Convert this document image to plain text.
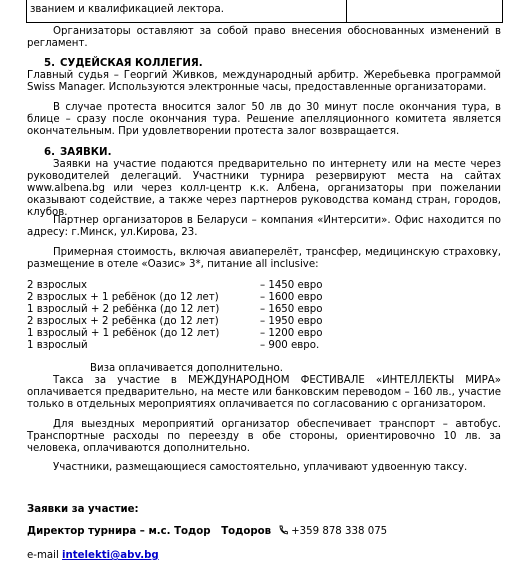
званием и квалификацией лектора.
Организаторы оставляют за собой право внесения обоснованных изменений в регламент.
5. СУДЕЙСКАЯ КОЛЛЕГИЯ.
Главный судья – Георгий Живков, международный арбитр. Жеребьевка программой Swiss Manager. Используются электронные часы, предоставленные организаторами.
В случае протеста вносится залог 50 лв до 30 минут после окончания тура, в блице – сразу после окончания тура. Решение апелляционного комитета является окончательным. При удовлетворении протеста залог возвращается.
6. ЗАЯВКИ.
Заявки на участие подаются предварительно по интернету или на месте через руководителей делегаций. Участники турнира резервируют места на сайтах www.albena.bg или через колл-центр к.к. Албена, организаторы при пожелании оказывают содействие, а также через партнеров руководства команд стран, городов, клубов.
Партнер организаторов в Беларуси – компания «Интерсити». Офис находится по адресу: г.Минск, ул.Кирова, 23.
Примерная стоимость, включая авиаперелёт, трансфер, медицинскую страховку, размещение в отеле «Оазис» 3*, питание all inclusive:
2 взрослых	– 1450 евро
2 взрослых + 1 ребёнок (до 12 лет)	– 1600 евро
1 взрослый + 2 ребёнка (до 12 лет)	– 1650 евро
2 взрослых + 2 ребёнка (до 12 лет)	– 1950 евро
1 взрослый + 1 ребёнок (до 12 лет)	– 1200 евро
1 взрослый	– 900 евро.
Виза оплачивается дополнительно.
Такса за участие в МЕЖДУНАРОДНОМ ФЕСТИВАЛЕ «ИНТЕЛЛЕКТЫ МИРА» оплачивается предварительно, на месте или банковским переводом – 160 лв., участие только в отдельных мероприятиях оплачивается по согласованию с организатором.
Для выездных мероприятий организатор обеспечивает транспорт – автобус. Транспортные расходы по переезду в обе стороны, ориентировочно 10 лв. за человека, оплачиваются дополнительно.
Участники, размещающиеся самостоятельно, уплачивают удвоенную таксу.
Заявки за участие:
Директор турнира – м.с. Тодор   Тодоров +359 878 338 075
e-mail intelekti@abv.bg
